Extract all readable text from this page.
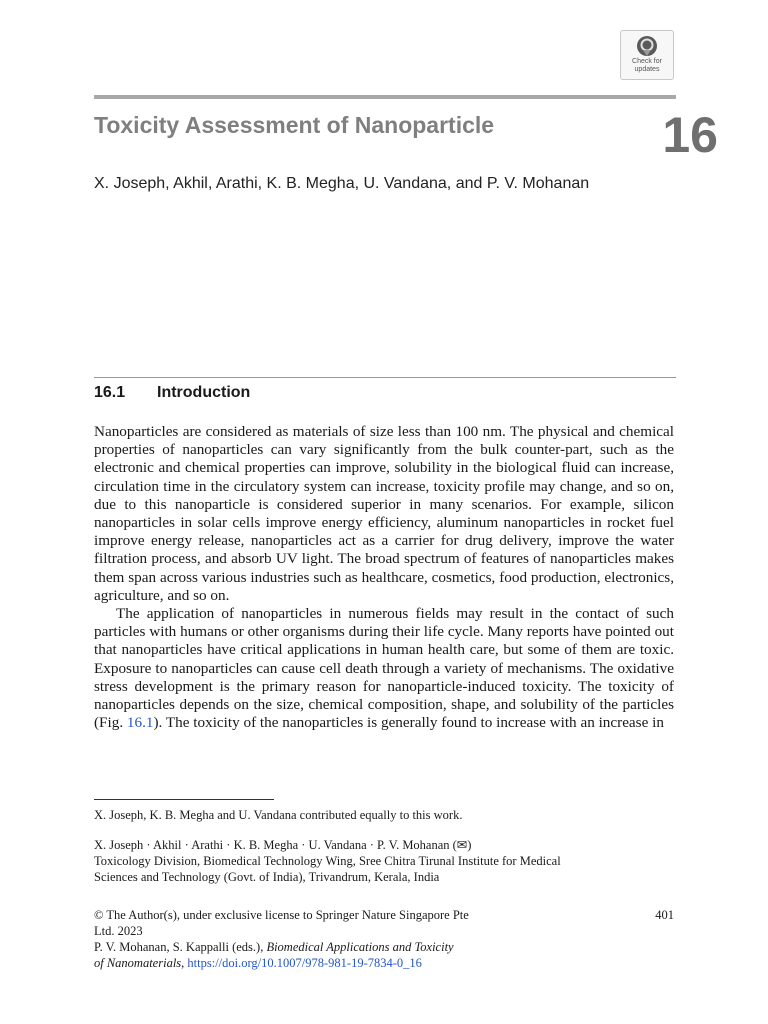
Check for
updates
Toxicity Assessment of Nanoparticle	16
X. Joseph, Akhil, Arathi, K. B. Megha, U. Vandana, and P. V. Mohanan
16.1 Introduction

Nanoparticles are considered as materials of size less than 100 nm. The physical and chemical properties of nanoparticles can vary significantly from the bulk counter-part, such as the electronic and chemical properties can improve, solubility in the biological fluid can increase, circulation time in the circulatory system can increase, toxicity profile may change, and so on, due to this nanoparticle is considered superior in many scenarios. For example, silicon nanoparticles in solar cells improve energy efficiency, aluminum nanoparticles in rocket fuel improve energy release, nanoparticles act as a carrier for drug delivery, improve the water filtration process, and absorb UV light. The broad spectrum of features of nanoparticles makes them span across various industries such as healthcare, cosmetics, food production, electronics, agriculture, and so on.

The application of nanoparticles in numerous fields may result in the contact of such particles with humans or other organisms during their life cycle. Many reports have pointed out that nanoparticles have critical applications in human health care, but some of them are toxic. Exposure to nanoparticles can cause cell death through a variety of mechanisms. The oxidative stress development is the primary reason for nanoparticle-induced toxicity. The toxicity of nanoparticles depends on the size, chemical composition, shape, and solubility of the particles (Fig. 16.1). The toxicity of the nanoparticles is generally found to increase with an increase in

X. Joseph, K. B. Megha and U. Vandana contributed equally to this work.
X. Joseph · Akhil · Arathi · K. B. Megha · U. Vandana · P. V. Mohanan (✉)
Toxicology Division, Biomedical Technology Wing, Sree Chitra Tirunal Institute for Medical
Sciences and Technology (Govt. of India), Trivandrum, Kerala, India
© The Author(s), under exclusive license to Springer Nature Singapore Pte	401
Ltd. 2023
P. V. Mohanan, S. Kappalli (eds.), Biomedical Applications and Toxicity
of Nanomaterials, https://doi.org/10.1007/978-981-19-7834-0_16
